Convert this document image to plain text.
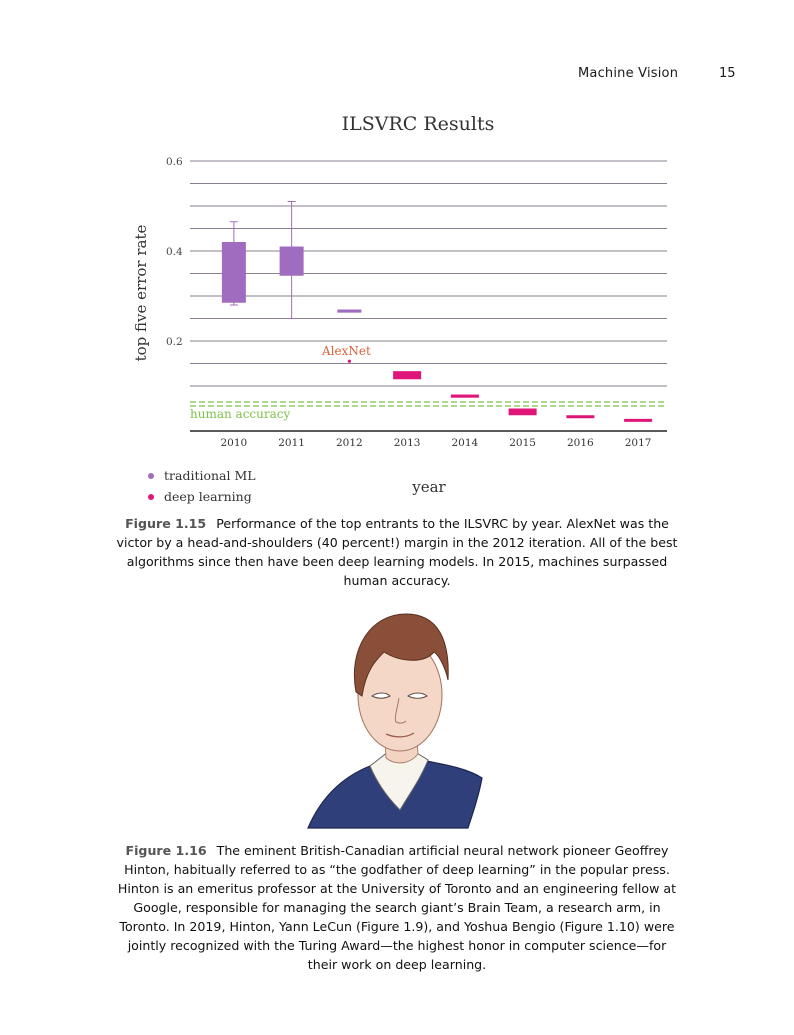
Machine Vision	15
0.6
0.4
0.2
2010	2011	2012	2013	2014	2015	2016	2017
ILSVRC Results
top five error rate
year
AlexNet
human accuracy
traditional ML
deep learning
Figure 1.15 Performance of the top entrants to the ILSVRC by year. AlexNet was the victor by a head-and-shoulders (40 percent!) margin in the 2012 iteration. All of the best algorithms since then have been deep learning models. In 2015, machines surpassed human accuracy.
Figure 1.16 The eminent British-Canadian artificial neural network pioneer Geoffrey Hinton, habitually referred to as “the godfather of deep learning” in the popular press. Hinton is an emeritus professor at the University of Toronto and an engineering fellow at Google, responsible for managing the search giant’s Brain Team, a research arm, in Toronto. In 2019, Hinton, Yann LeCun (Figure 1.9), and Yoshua Bengio (Figure 1.10) were jointly recognized with the Turing Award—the highest honor in computer science—for their work on deep learning.
